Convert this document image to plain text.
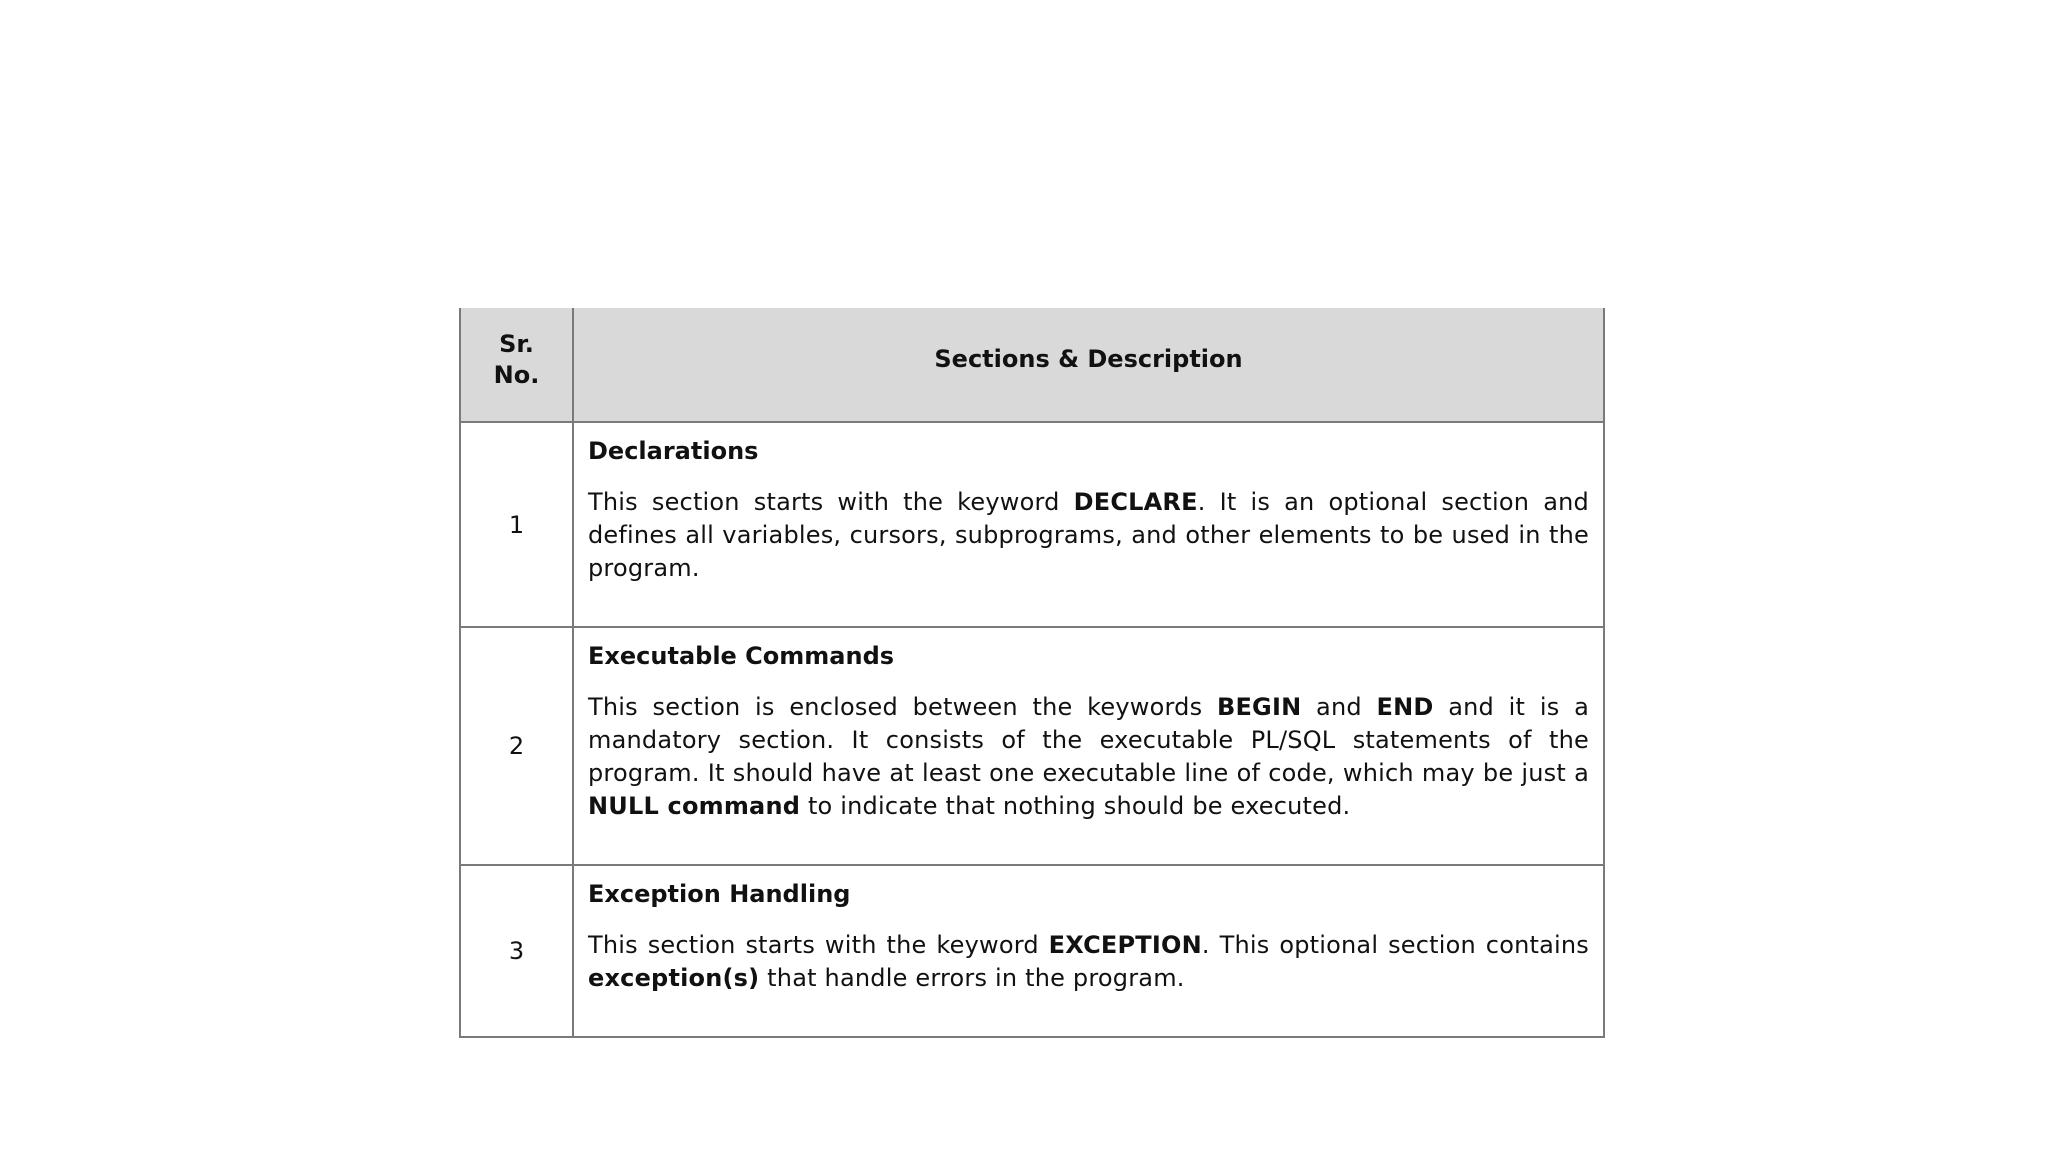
Sr.
No.	Sections & Description
1	Declarations

This section starts with the keyword DECLARE. It is an optional section and defines all variables, cursors, subprograms, and other elements to be used in the program.

2	Executable Commands

This section is enclosed between the keywords BEGIN and END and it is a mandatory section. It consists of the executable PL/SQL statements of the program. It should have at least one executable line of code, which may be just a NULL command to indicate that nothing should be executed.

3	Exception Handling

This section starts with the keyword EXCEPTION. This optional section contains exception(s) that handle errors in the program.
